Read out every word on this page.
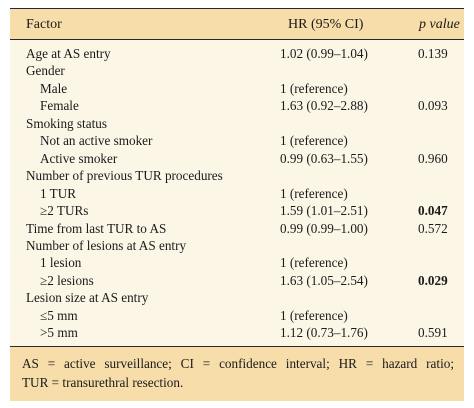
Factor	HR (95% CI)	p value
Age at AS entry	1.02 (0.99–1.04)	0.139
Gender
Male	1 (reference)
Female	1.63 (0.92–2.88)	0.093
Smoking status
Not an active smoker	1 (reference)
Active smoker	0.99 (0.63–1.55)	0.960
Number of previous TUR procedures
1 TUR	1 (reference)
≥2 TURs	1.59 (1.01–2.51)	0.047
Time from last TUR to AS	0.99 (0.99–1.00)	0.572
Number of lesions at AS entry
1 lesion	1 (reference)
≥2 lesions	1.63 (1.05–2.54)	0.029
Lesion size at AS entry
≤5 mm	1 (reference)
>5 mm	1.12 (0.73–1.76)	0.591
AS = active surveillance; CI = confidence interval; HR = hazard ratio;
TUR = transurethral resection.
